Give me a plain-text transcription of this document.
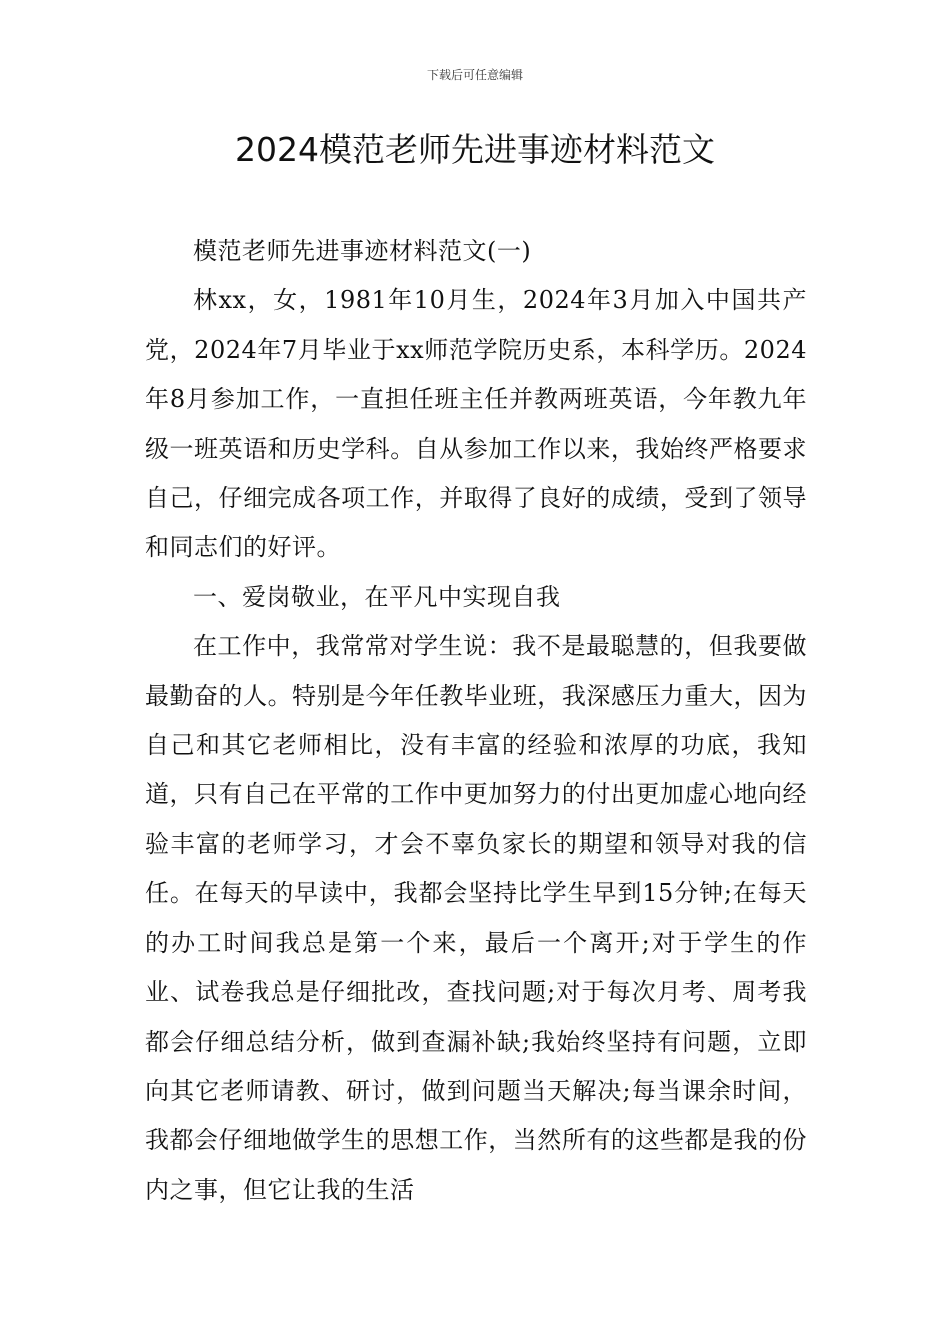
下载后可任意编辑
2024模范老师先进事迹材料范文

模范老师先进事迹材料范文(一)

林xx，女，1981年10月生，2024年3月加入中国共产党，2024年7月毕业于xx师范学院历史系，本科学历。2024年8月参加工作，一直担任班主任并教两班英语，今年教九年级一班英语和历史学科。自从参加工作以来，我始终严格要求自己，仔细完成各项工作，并取得了良好的成绩，受到了领导和同志们的好评。

一、爱岗敬业，在平凡中实现自我

在工作中，我常常对学生说：我不是最聪慧的，但我要做最勤奋的人。特别是今年任教毕业班，我深感压力重大，因为自己和其它老师相比，没有丰富的经验和浓厚的功底，我知道，只有自己在平常的工作中更加努力的付出更加虚心地向经验丰富的老师学习，才会不辜负家长的期望和领导对我的信任。在每天的早读中，我都会坚持比学生早到15分钟;在每天的办工时间我总是第一个来，最后一个离开;对于学生的作业、试卷我总是仔细批改，查找问题;对于每次月考、周考我都会仔细总结分析，做到查漏补缺;我始终坚持有问题，立即向其它老师请教、研讨，做到问题当天解决;每当课余时间，我都会仔细地做学生的思想工作，当然所有的这些都是我的份内之事，但它让我的生活
